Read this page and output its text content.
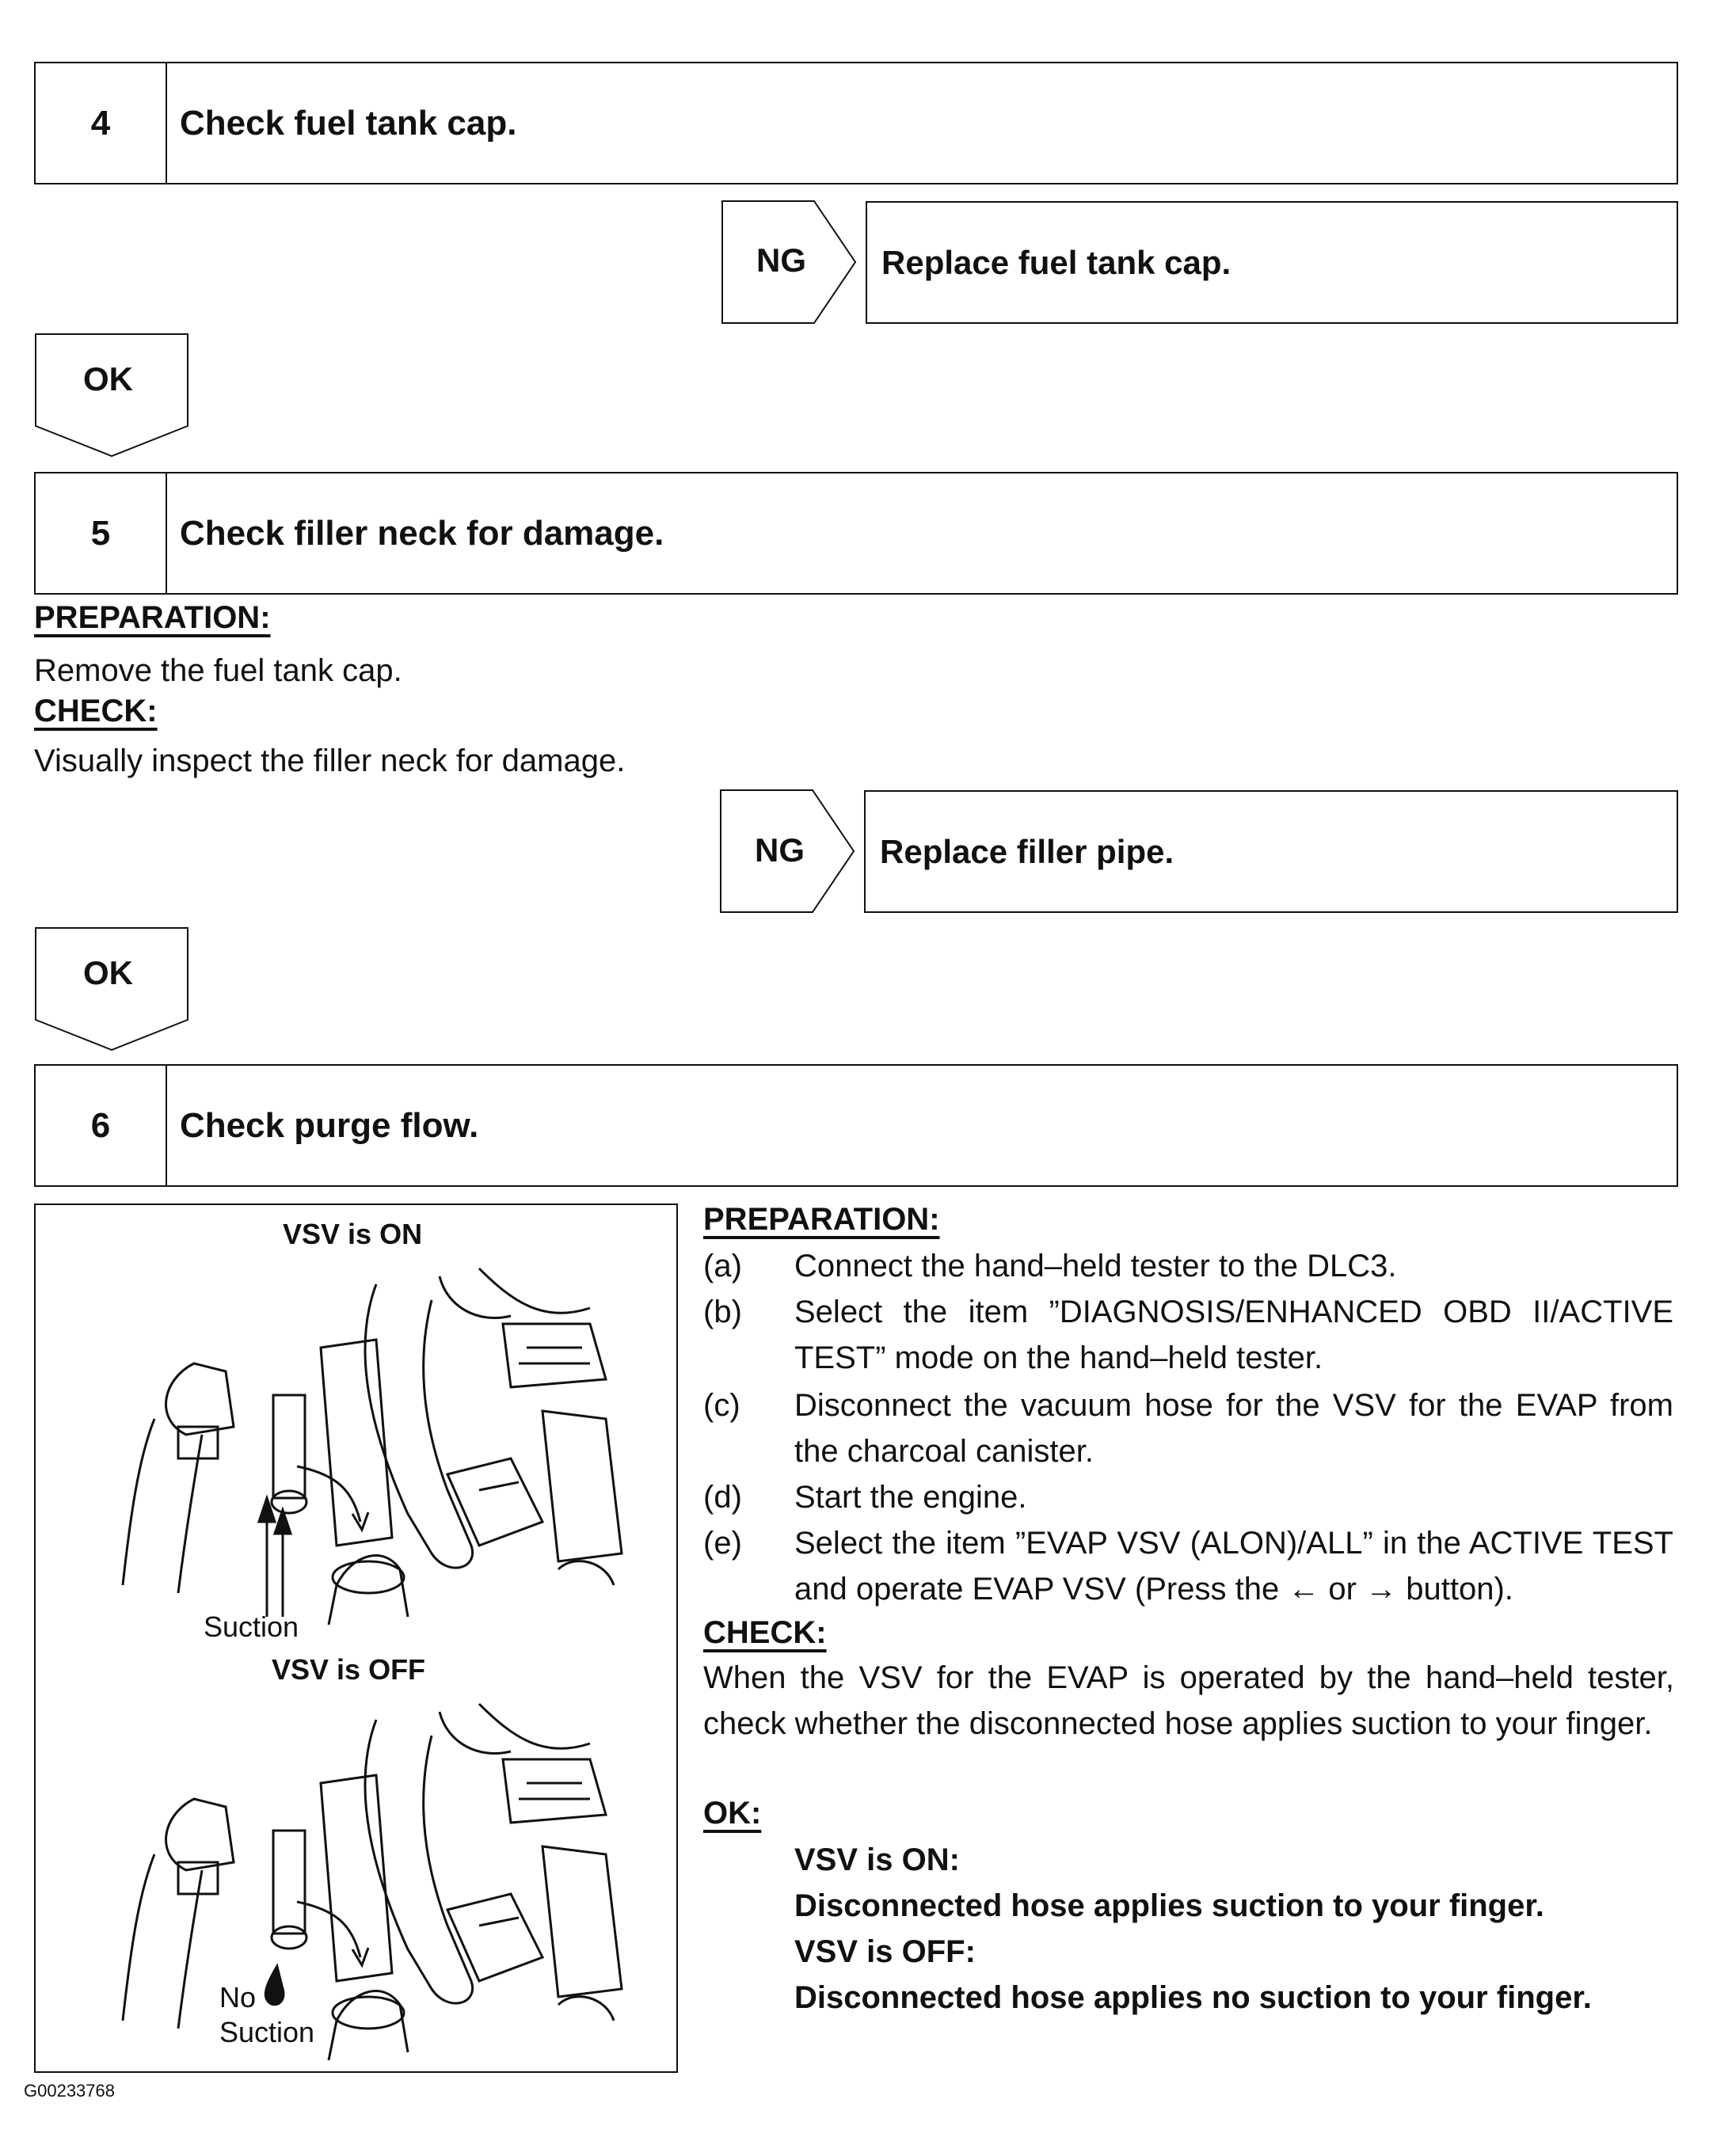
4	Check fuel tank cap.
NG	Replace fuel tank cap.
OK
5	Check filler neck for damage.
PREPARATION:
Remove the fuel tank cap.
CHECK:
Visually inspect the filler neck for damage.
NG	Replace filler pipe.
OK
6	Check purge flow.
VSV is ON
Suction
VSV is OFF
No
Suction
G00233768
PREPARATION:
(a) Connect the hand–held tester to the DLC3.
(b) Select the item ”DIAGNOSIS/ENHANCED OBD II/ACTIVE TEST” mode on the hand–held tester.
(c) Disconnect the vacuum hose for the VSV for the EVAP from the charcoal canister.
(d) Start the engine.
(e) Select the item ”EVAP VSV (ALON)/ALL” in the ACTIVE TEST and operate EVAP VSV (Press the ← or → button).
CHECK:
When the VSV for the EVAP is operated by the hand–held tester, check whether the disconnected hose applies suction to your finger.
OK:
VSV is ON:
Disconnected hose applies suction to your finger.
VSV is OFF:
Disconnected hose applies no suction to your finger.
